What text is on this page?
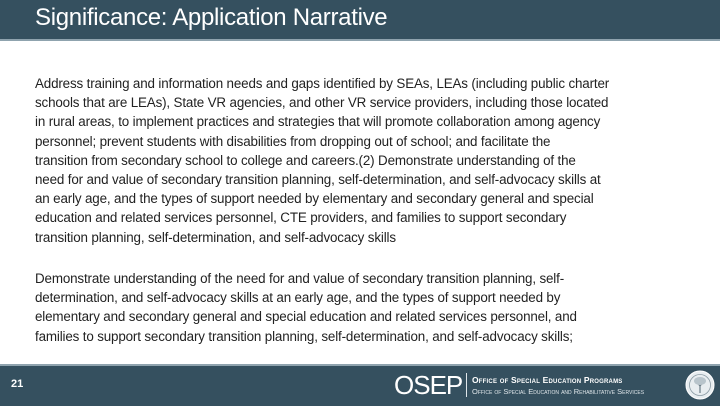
Significance: Application Narrative
Address training and information needs and gaps identified by SEAs, LEAs (including public charter
schools that are LEAs), State VR agencies, and other VR service providers, including those located
in rural areas, to implement practices and strategies that will promote collaboration among agency
personnel; prevent students with disabilities from dropping out of school; and facilitate the
transition from secondary school to college and careers.(2) Demonstrate understanding of the
need for and value of secondary transition planning, self-determination, and self-advocacy skills at
an early age, and the types of support needed by elementary and secondary general and special
education and related services personnel, CTE providers, and families to support secondary
transition planning, self-determination, and self-advocacy skills
Demonstrate understanding of the need for and value of secondary transition planning, self-
determination, and self-advocacy skills at an early age, and the types of support needed by
elementary and secondary general and special education and related services personnel, and
families to support secondary transition planning, self-determination, and self-advocacy skills;
21	OSEP Office of Special Education Programs
Office of Special Education and Rehabilitative Services
